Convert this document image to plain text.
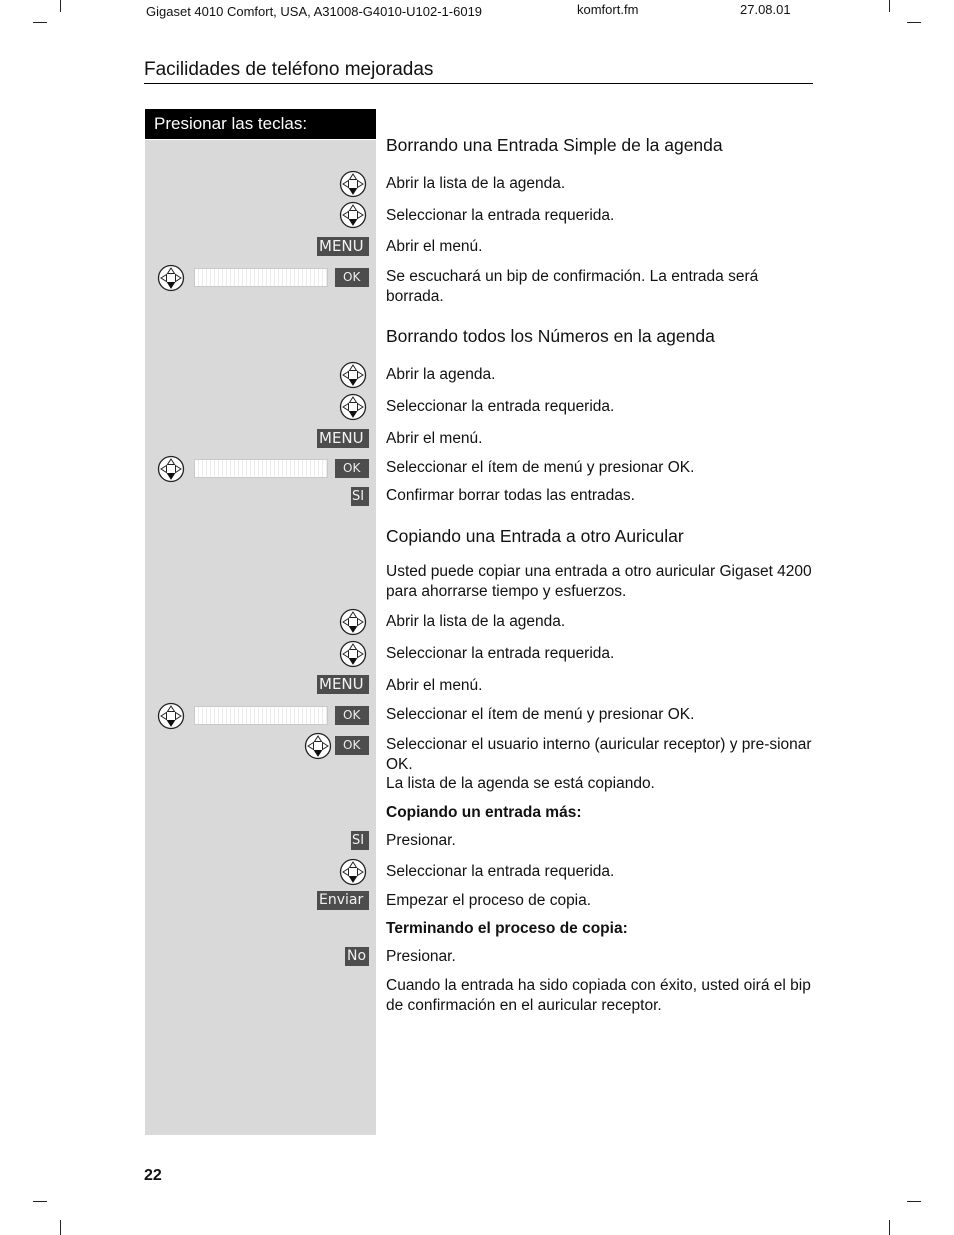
Gigaset 4010 Comfort, USA, A31008-G4010-U102-1-6019	komfort.fm	27.08.01
Facilidades de teléfono mejoradas
Presionar las teclas:
Borrando una Entrada Simple de la agenda
Abrir la lista de la agenda.
Seleccionar la entrada requerida.
MENU	Abrir el menú.
OK	Se escuchará un bip de confirmación. La entrada será borrada.
Borrando todos los Números en la agenda
Abrir la agenda.
Seleccionar la entrada requerida.
MENU	Abrir el menú.
OK	Seleccionar el ítem de menú y presionar OK.
SI	Confirmar borrar todas las entradas.
Copiando una Entrada a otro Auricular
Usted puede copiar una entrada a otro auricular Gigaset 4200 para ahorrarse tiempo y esfuerzos.
Abrir la lista de la agenda.
Seleccionar la entrada requerida.
MENU	Abrir el menú.
OK	Seleccionar el ítem de menú y presionar OK.
OK	Seleccionar el usuario interno (auricular receptor) y pre-sionar OK.
La lista de la agenda se está copiando.
Copiando un entrada más:
SI	Presionar.
Seleccionar la entrada requerida.
Enviar	Empezar el proceso de copia.
Terminando el proceso de copia:
No Presionar.
Cuando la entrada ha sido copiada con éxito, usted oirá el bip de confirmación en el auricular receptor.
22
